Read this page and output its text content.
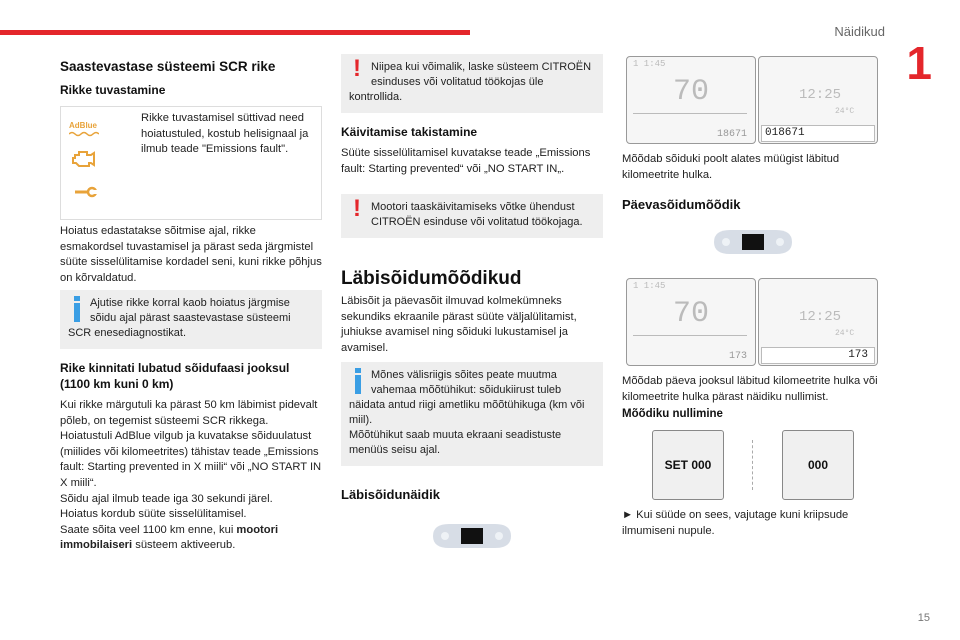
Näidikud
1
15
Saastevastase süsteemi SCR rike
Rikke tuvastamine
AdBlue

Rikke tuvastamisel süttivad need hoiatustuled, kostub helisignaal ja ilmub teade "Emissions fault".

Hoiatus edastatakse sõitmise ajal, rikke esmakordsel tuvastamisel ja pärast seda järgmistel süüte sisselülitamise kordadel seni, kuni rikke põhjus on kõrvaldatud.

Ajutise rikke korral kaob hoiatus järgmise sõidu ajal pärast saastevastase süsteemi SCR enesediagnostikat.
Rike kinnitati lubatud sõidufaasi jooksul (1100 km kuni 0 km)

Kui rikke märgutuli ka pärast 50 km läbimist pidevalt põleb, on tegemist süsteemi SCR rikkega.

Hoiatustuli AdBlue vilgub ja kuvatakse sõiduulatust (miilides või kilomeetrites) tähistav teade „Emissions fault: Starting prevented in X miili“ või „NO START IN X miili“.

Sõidu ajal ilmub teade iga 30 sekundi järel.

Hoiatus kordub süüte sisselülitamisel.

Saate sõita veel 1100 km enne, kui mootori immobilaiseri süsteem aktiveerub.

! Niipea kui võimalik, laske süsteem CITROËN esinduses või volitatud töökojas üle kontrollida.
Käivitamise takistamine

Süüte sisselülitamisel kuvatakse teade „Emissions fault: Starting prevented“ või „NO START IN„.

! Mootori taaskäivitamiseks võtke ühendust CITROËN esinduse või volitatud töökojaga.
Läbisõidumõõdikud

Läbisõit ja päevasõit ilmuvad kolmekümneks sekundiks ekraanile pärast süüte väljalülitamist, juhiukse avamisel ning sõiduki lukustamisel ja avamisel.

Mõnes välisriigis sõites peate muutma vahemaa mõõtühikut: sõidukiirust tuleb näidata antud riigi ametliku mõõtühikuga (km või miil).
Mõõtühikut saab muuta ekraani seadistuste menüüs seisu ajal.
Läbisõidunäidik
1 1:45
70
18671
12:25
24°C
018671

Mõõdab sõiduki poolt alates müügist läbitud kilomeetrite hulka.

Päevasõidumõõdik
1 1:45
70
173
12:25
24°C
173

Mõõdab päeva jooksul läbitud kilomeetrite hulka või kilomeetrite hulka pärast näidiku nullimist.

Mõõdiku nullimine
SET 000	000

► Kui süüde on sees, vajutage kuni kriipsude ilmumiseni nupule.
